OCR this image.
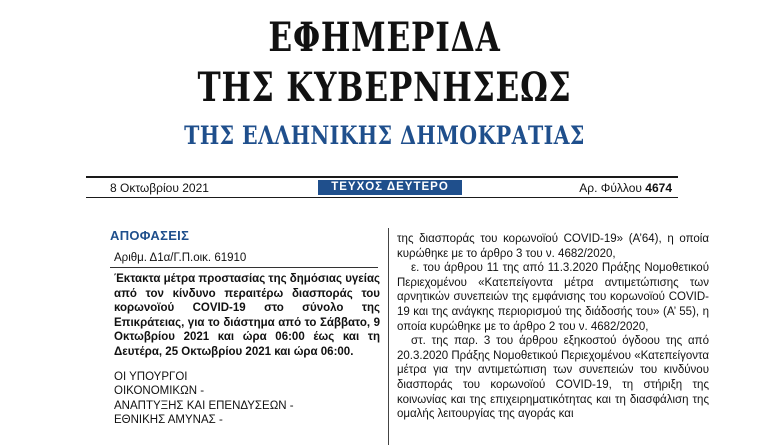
ΕΦΗΜΕΡΙΔΑ
ΤΗΣ ΚΥΒΕΡΝΗΣΕΩΣ
ΤΗΣ ΕΛΛΗΝΙΚΗΣ ΔΗΜΟΚΡΑΤΙΑΣ
8 Οκτωβρίου 2021	ΤΕΥΧΟΣ ΔΕΥΤΕΡΟ	Αρ. Φύλλου 4674
ΑΠΟΦΑΣΕΙΣ
Αριθμ. Δ1α/Γ.Π.οικ. 61910

Έκτακτα μέτρα προστασίας της δημόσιας υγείας από τον κίνδυνο περαιτέρω διασποράς του κορωνοϊού COVID-19 στο σύνολο της Επικράτειας, για το διάστημα από το Σάββατο, 9 Οκτωβρίου 2021 και ώρα 06:00 έως και τη Δευτέρα, 25 Οκτωβρίου 2021 και ώρα 06:00.

ΟΙ ΥΠΟΥΡΓΟΙ
ΟΙΚΟΝΟΜΙΚΩΝ -
ΑΝΑΠΤΥΞΗΣ ΚΑΙ ΕΠΕΝΔΥΣΕΩΝ -
ΕΘΝΙΚΗΣ ΑΜΥΝΑΣ -

της διασποράς του κορωνοϊού COVID-19» (Α’64), η οποία κυρώθηκε με το άρθρο 3 του ν. 4682/2020,

ε. του άρθρου 11 της από 11.3.2020 Πράξης Νομοθετικού Περιεχομένου «Κατεπείγοντα μέτρα αντιμετώπισης των αρνητικών συνεπειών της εμφάνισης του κορωνοϊού COVID-19 και της ανάγκης περιορισμού της διάδοσής του» (Α’ 55), η οποία κυρώθηκε με το άρθρο 2 του ν. 4682/2020,

στ. της παρ. 3 του άρθρου εξηκοστού όγδοου της από 20.3.2020 Πράξης Νομοθετικού Περιεχομένου «Κατεπείγοντα μέτρα για την αντιμετώπιση των συνεπειών του κινδύνου διασποράς του κορωνοϊού COVID-19, τη στήριξη της κοινωνίας και της επιχειρηματικότητας και τη διασφάλιση της ομαλής λειτουργίας της αγοράς και
